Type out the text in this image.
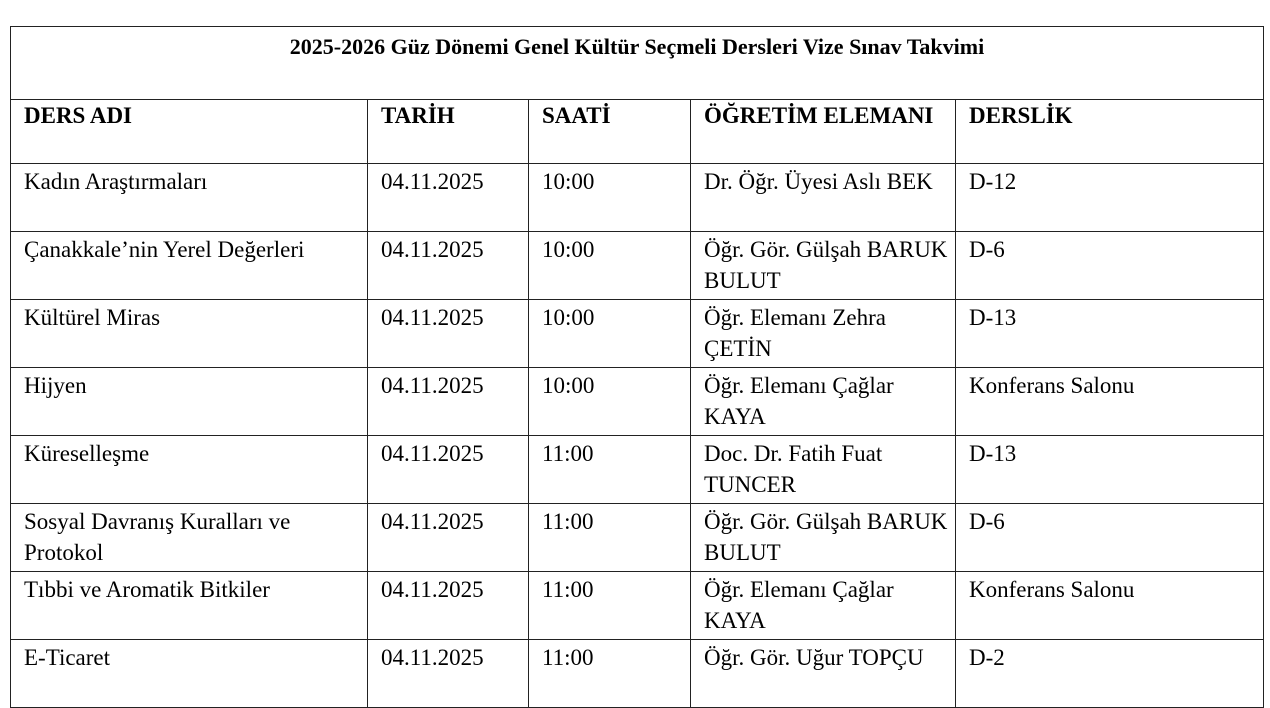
2025-2026 Güz Dönemi Genel Kültür Seçmeli Dersleri Vize Sınav Takvimi				
DERS ADI	TARİH	SAATİ	ÖĞRETİM ELEMANI	DERSLİK
Kadın Araştırmaları	04.11.2025	10:00	Dr. Öğr. Üyesi Aslı BEK	D-12
Çanakkale’nin Yerel Değerleri	04.11.2025	10:00	Öğr. Gör. Gülşah BARUK BULUT	D-6
Kültürel Miras	04.11.2025	10:00	Öğr. Elemanı Zehra ÇETİN	D-13
Hijyen	04.11.2025	10:00	Öğr. Elemanı Çağlar KAYA	Konferans Salonu
Küreselleşme	04.11.2025	11:00	Doc. Dr. Fatih Fuat TUNCER	D-13
Sosyal Davranış Kuralları ve Protokol	04.11.2025	11:00	Öğr. Gör. Gülşah BARUK BULUT	D-6
Tıbbi ve Aromatik Bitkiler	04.11.2025	11:00	Öğr. Elemanı Çağlar KAYA	Konferans Salonu
E-Ticaret	04.11.2025	11:00	Öğr. Gör. Uğur TOPÇU	D-2
